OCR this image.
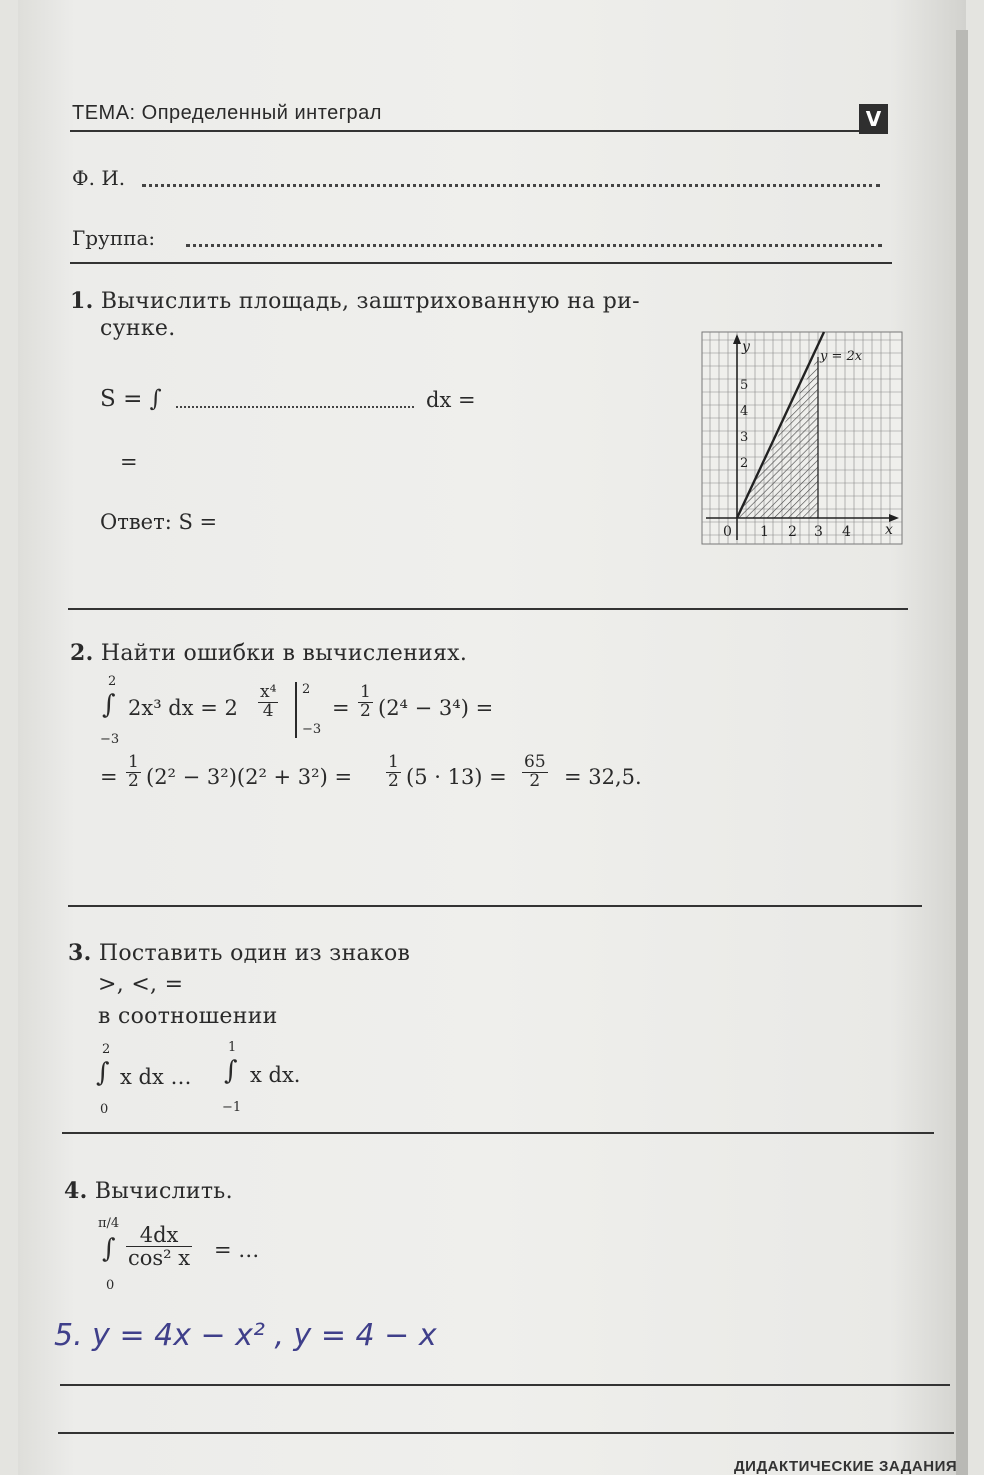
ТЕМА: Определенный интеграл	V
Ф. И.
Группа:
1. Вычислить площадь, заштрихованную на ри-
сунке.
S = ∫	dx =
=
Ответ: S =
y
x
y = 2x
0 1 2 3 4
2
3
4
5
2. Найти ошибки в вычислениях.
2
∫
−3
2x³ dx = $2 \frac{\text{x⁴}}{4} 2$
−3
= $\frac{1}{2} (2^4 - 3^4)$ =
= $\frac{1}{2} (2^2 - 3^2)(2^2 + 3^2) = \frac{1}{2} (5 \cdot 13) = \frac{65}{2} = 32,5$.
3. Поставить один из знаков
>, <, =
в соотношении
2
∫
0
x dx …
1
∫
−1
x dx.
4. Вычислить.
π/4
∫
0
$\frac{4dx}{\text{cos² x}}$ = …
5. y = 4x − x² , y = 4 − x
ДИДАКТИЧЕСКИЕ ЗАДАНИЯ
